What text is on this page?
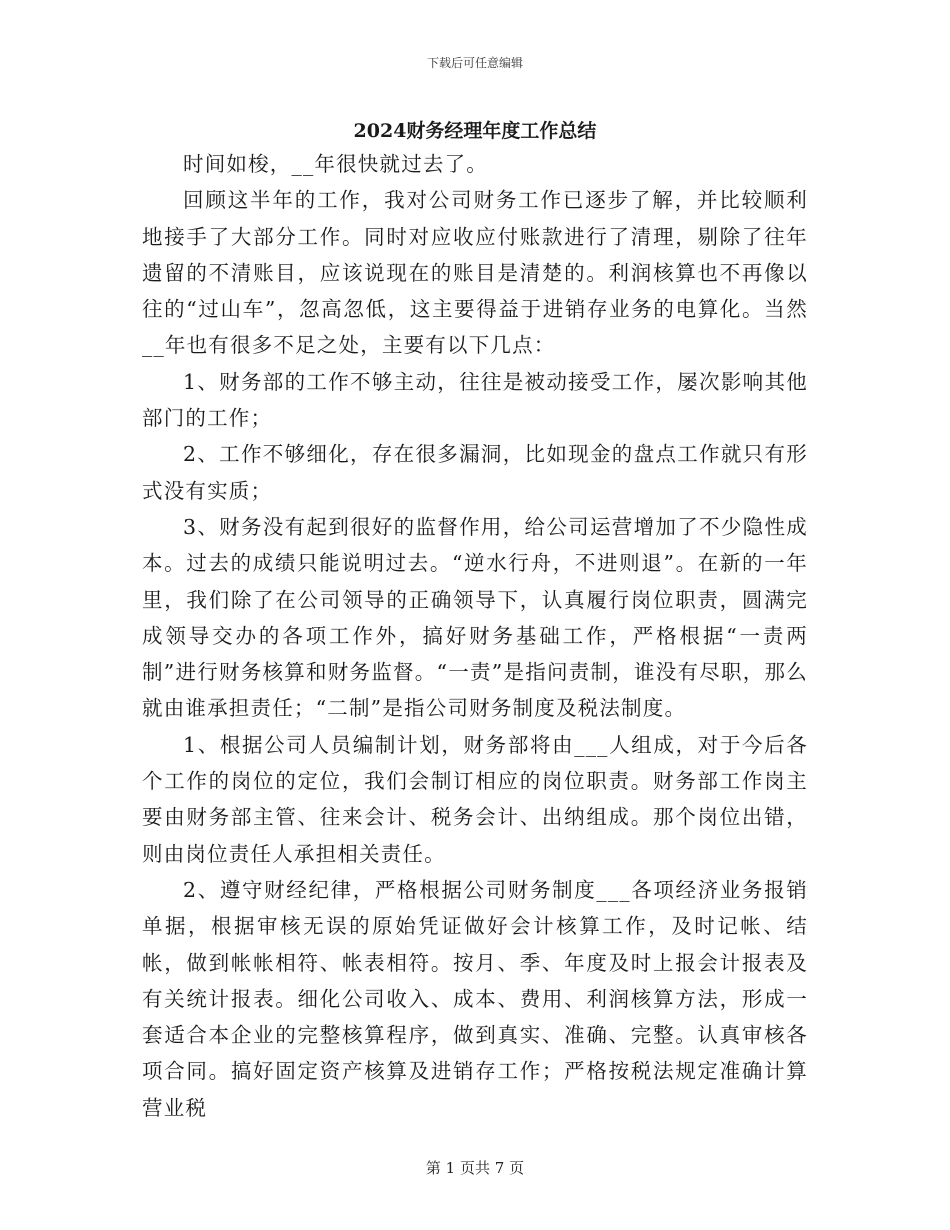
下载后可任意编辑
2024财务经理年度工作总结

时间如梭，__年很快就过去了。

回顾这半年的工作，我对公司财务工作已逐步了解，并比较顺利地接手了大部分工作。同时对应收应付账款进行了清理，剔除了往年遗留的不清账目，应该说现在的账目是清楚的。利润核算也不再像以往的“过山车”，忽高忽低，这主要得益于进销存业务的电算化。当然__年也有很多不足之处，主要有以下几点：

1、财务部的工作不够主动，往往是被动接受工作，屡次影响其他部门的工作；

2、工作不够细化，存在很多漏洞，比如现金的盘点工作就只有形式没有实质；

3、财务没有起到很好的监督作用，给公司运营增加了不少隐性成本。过去的成绩只能说明过去。“逆水行舟，不进则退”。在新的一年里，我们除了在公司领导的正确领导下，认真履行岗位职责，圆满完成领导交办的各项工作外，搞好财务基础工作，严格根据“一责两制”进行财务核算和财务监督。“一责”是指问责制，谁没有尽职，那么就由谁承担责任；“二制”是指公司财务制度及税法制度。

1、根据公司人员编制计划，财务部将由___人组成，对于今后各个工作的岗位的定位，我们会制订相应的岗位职责。财务部工作岗主要由财务部主管、往来会计、税务会计、出纳组成。那个岗位出错，则由岗位责任人承担相关责任。

2、遵守财经纪律，严格根据公司财务制度___各项经济业务报销单据，根据审核无误的原始凭证做好会计核算工作，及时记帐、结帐，做到帐帐相符、帐表相符。按月、季、年度及时上报会计报表及有关统计报表。细化公司收入、成本、费用、利润核算方法，形成一套适合本企业的完整核算程序，做到真实、准确、完整。认真审核各项合同。搞好固定资产核算及进销存工作；严格按税法规定准确计算营业税

第 1 页共 7 页
